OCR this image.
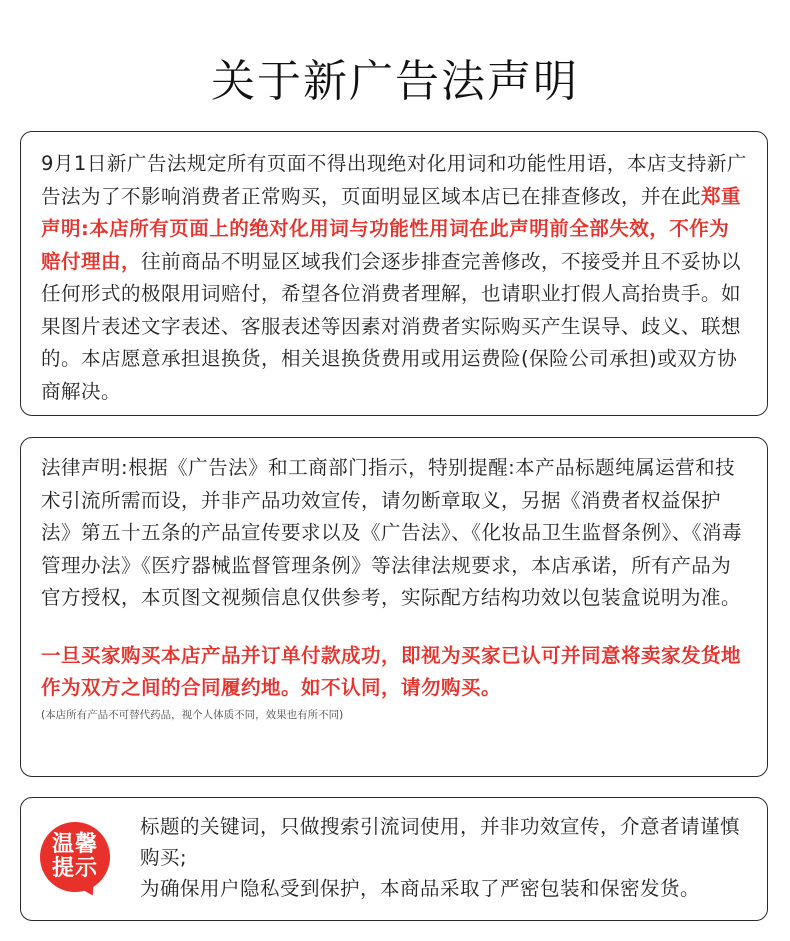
关于新广告法声明

9月1日新广告法规定所有页面不得出现绝对化用词和功能性用语，本店支持新广告法为了不影响消费者正常购买，页面明显区域本店已在排查修改，并在此郑重声明:本店所有页面上的绝对化用词与功能性用词在此声明前全部失效，不作为赔付理由，往前商品不明显区域我们会逐步排查完善修改，不接受并且不妥协以任何形式的极限用词赔付，希望各位消费者理解，也请职业打假人高抬贵手。如果图片表述文字表述、客服表述等因素对消费者实际购买产生误导、歧义、联想的。本店愿意承担退换货，相关退换货费用或用运费险(保险公司承担)或双方协商解决。

法律声明:根据《广告法》和工商部门指示，特别提醒:本产品标题纯属运营和技术引流所需而设，并非产品功效宣传，请勿断章取义，另据《消费者权益保护法》第五十五条的产品宣传要求以及《广告法》、《化妆品卫生监督条例》、《消毒管理办法》《医疗器械监督管理条例》等法律法规要求，本店承诺，所有产品为官方授权，本页图文视频信息仅供参考，实际配方结构功效以包装盒说明为准。

一旦买家购买本店产品并订单付款成功，即视为买家已认可并同意将卖家发货地作为双方之间的合同履约地。如不认同，请勿购买。

(本店所有产品不可替代药品，视个人体质不同，效果也有所不同)

温馨
提示

标题的关键词，只做搜索引流词使用，并非功效宣传，介意者请谨慎购买;

为确保用户隐私受到保护，本商品采取了严密包装和保密发货。
